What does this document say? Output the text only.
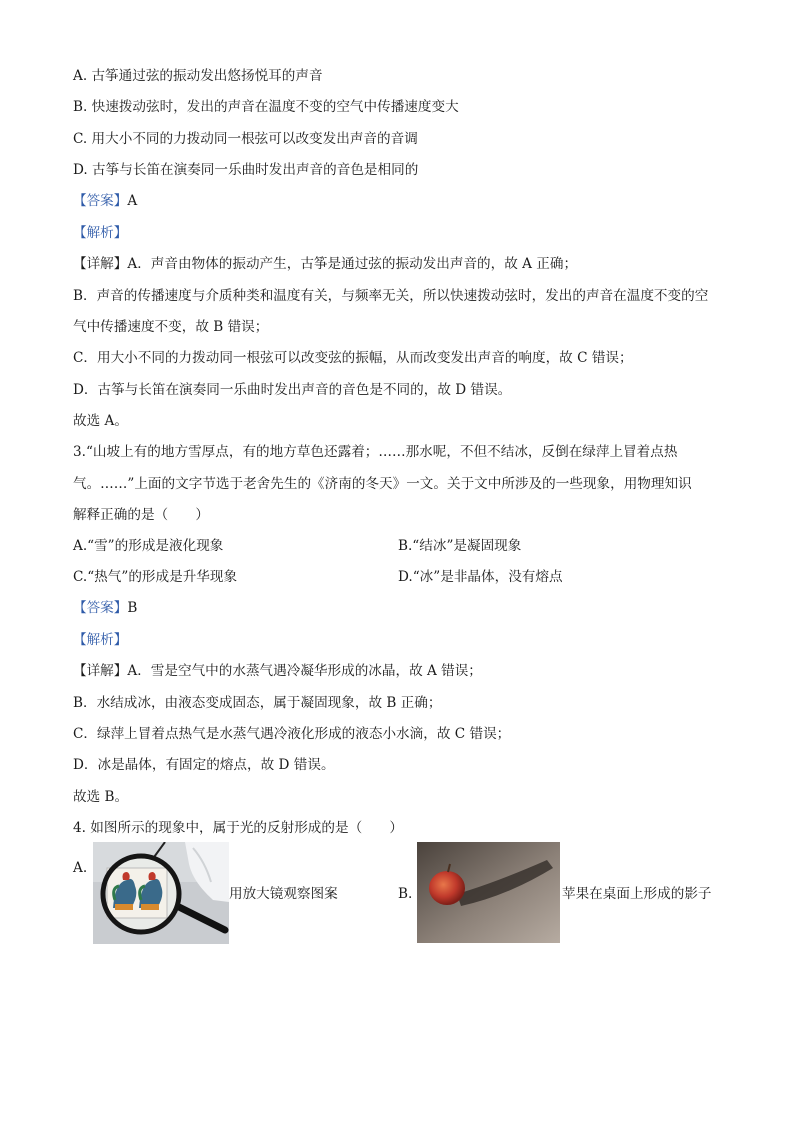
A. 古筝通过弦的振动发出悠扬悦耳的声音
B. 快速拨动弦时，发出的声音在温度不变的空气中传播速度变大
C. 用大小不同的力拨动同一根弦可以改变发出声音的音调
D. 古筝与长笛在演奏同一乐曲时发出声音的音色是相同的
【答案】A
【解析】
【详解】A．声音由物体的振动产生，古筝是通过弦的振动发出声音的，故 A 正确；
B．声音的传播速度与介质种类和温度有关，与频率无关，所以快速拨动弦时，发出的声音在温度不变的空
气中传播速度不变，故 B 错误；
C．用大小不同的力拨动同一根弦可以改变弦的振幅，从而改变发出声音的响度，故 C 错误；
D．古筝与长笛在演奏同一乐曲时发出声音的音色是不同的，故 D 错误。
故选 A。
3.“山坡上有的地方雪厚点，有的地方草色还露着；……那水呢，不但不结冰，反倒在绿萍上冒着点热
气。……”上面的文字节选于老舍先生的《济南的冬天》一文。关于文中所涉及的一些现象，用物理知识
解释正确的是（　　）
A.“雪”的形成是液化现象	B.“结冰”是凝固现象
C.“热气”的形成是升华现象	D.“冰”是非晶体，没有熔点
【答案】B
【解析】
【详解】A．雪是空气中的水蒸气遇冷凝华形成的冰晶，故 A 错误；
B．水结成冰，由液态变成固态，属于凝固现象，故 B 正确；
C．绿萍上冒着点热气是水蒸气遇冷液化形成的液态小水滴，故 C 错误；
D．冰是晶体，有固定的熔点，故 D 错误。
故选 B。
4. 如图所示的现象中，属于光的反射形成的是（　　）
A.
用放大镜观察图案	B.	苹果在桌面上形成的影子
